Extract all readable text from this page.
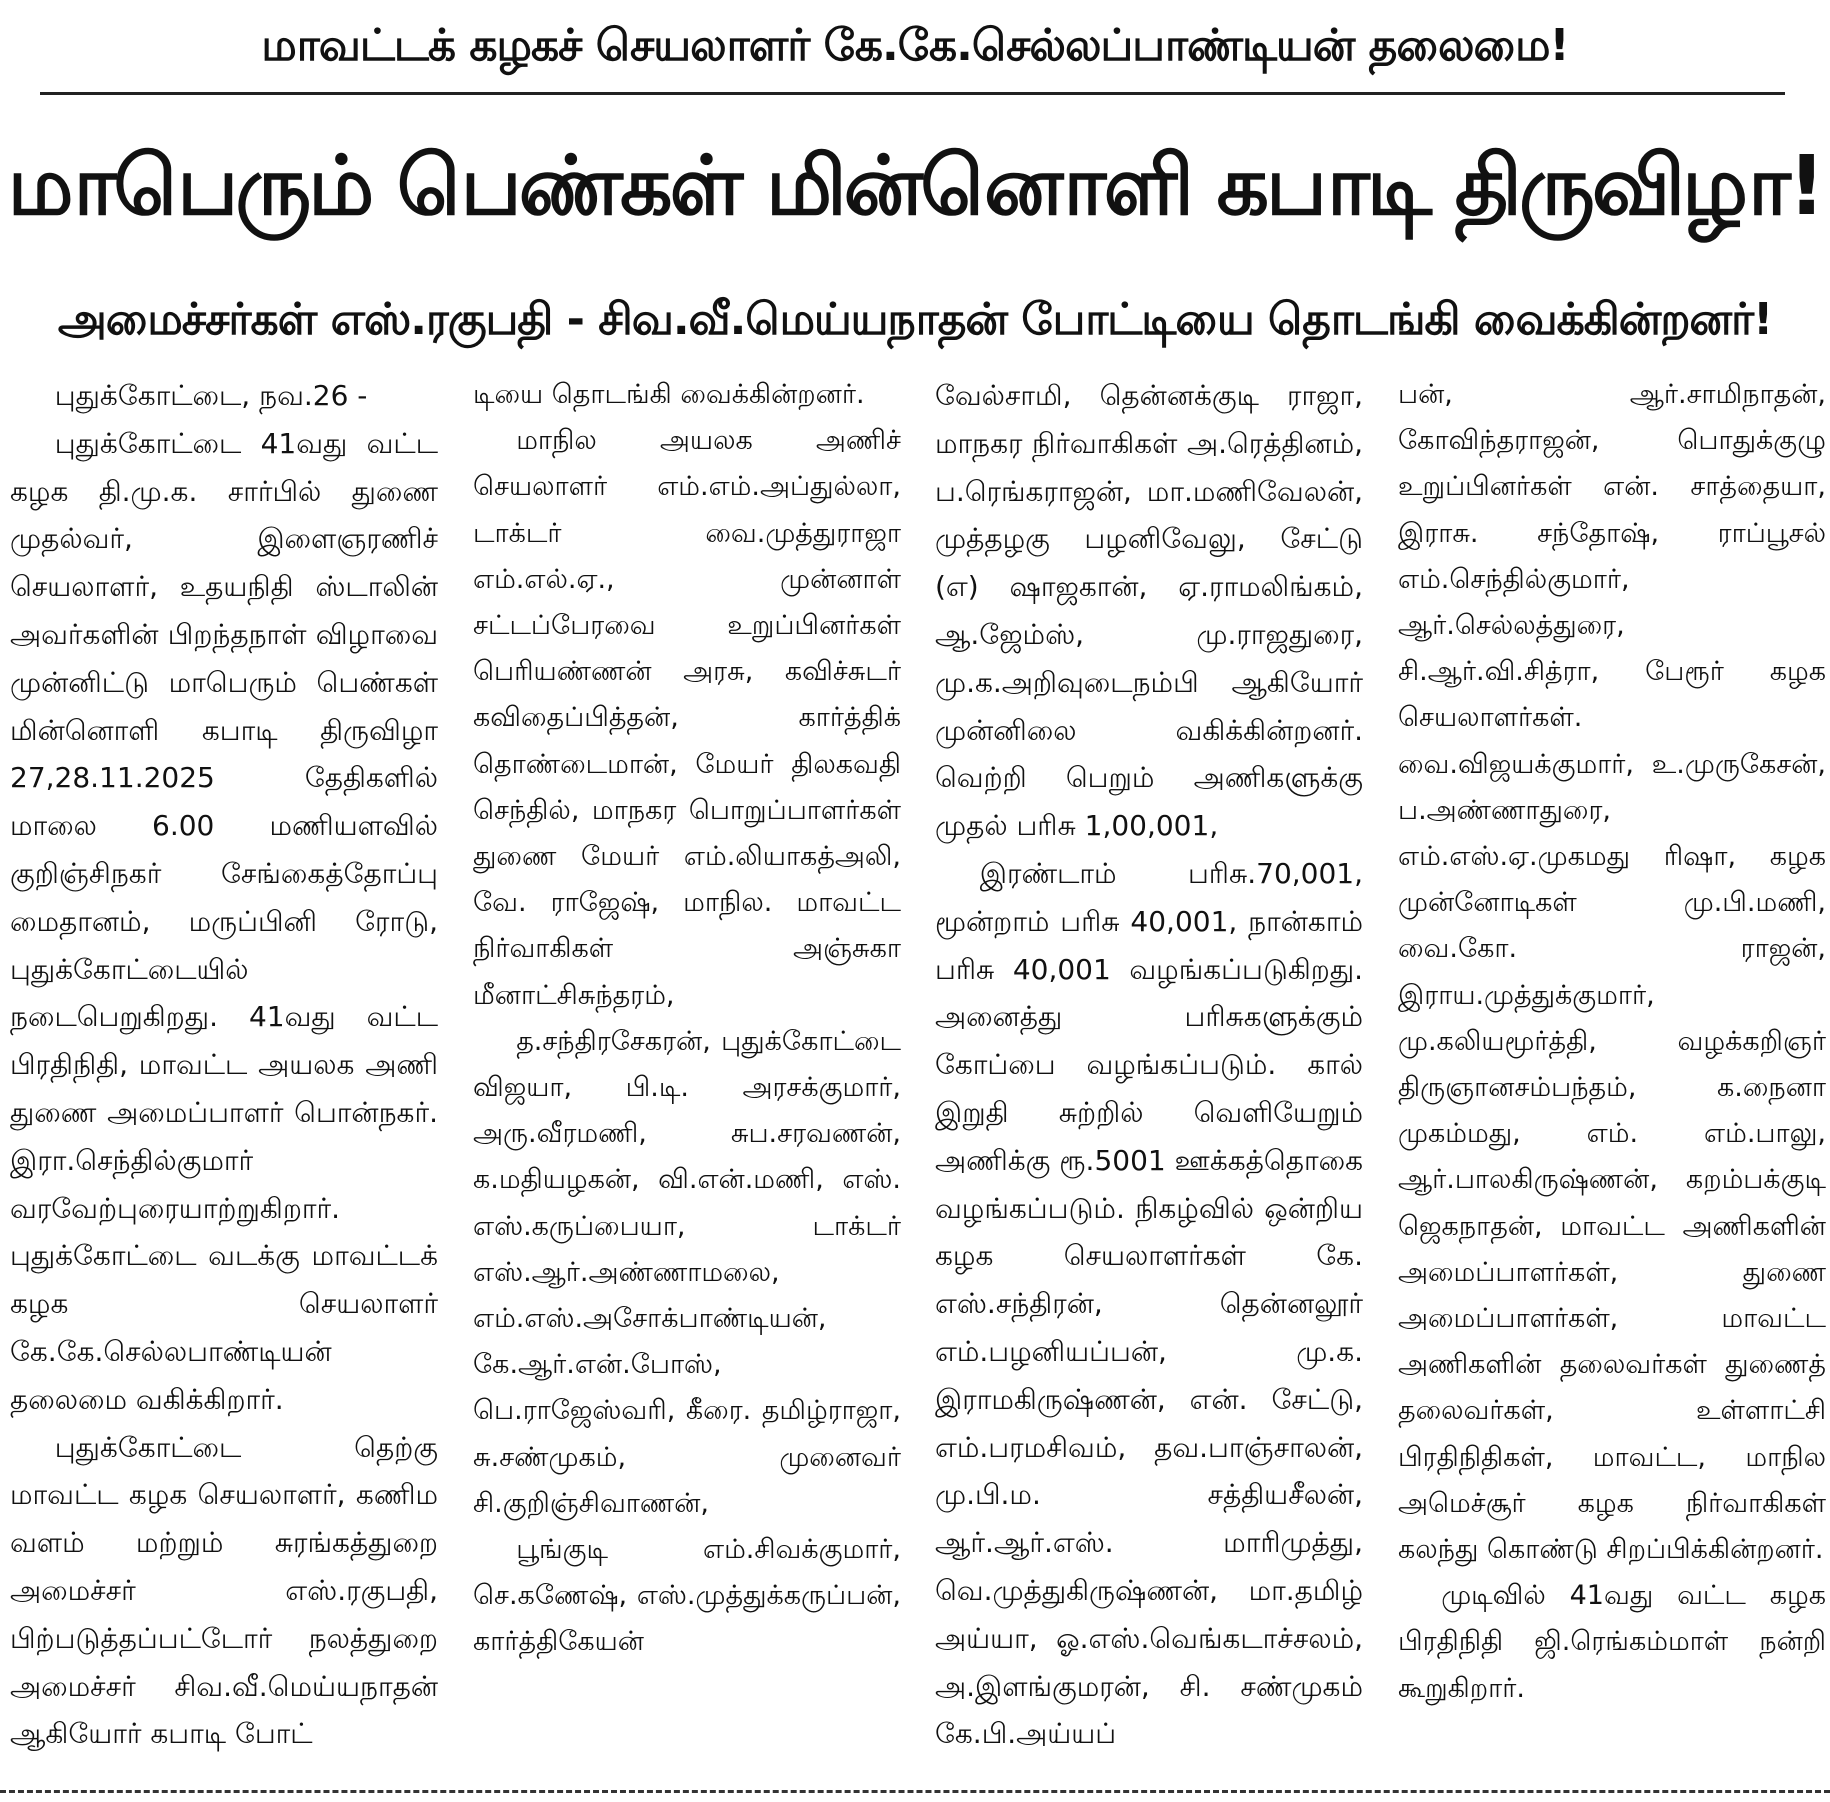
மாவட்டக் கழகச் செயலாளர் கே.கே.செல்லப்பாண்டியன் தலைமை!
மாபெரும் பெண்கள் மின்னொளி கபாடி திருவிழா!
அமைச்சர்கள் எஸ்.ரகுபதி - சிவ.வீ.மெய்யநாதன் போட்டியை தொடங்கி வைக்கின்றனர்!

புதுக்கோட்டை, நவ.26 -

புதுக்கோட்டை 41வது வட்ட கழக தி.மு.க. சார்பில் துணை முதல்வர், இளைஞரணிச் செயலாளர், உதயநிதி ஸ்டாலின் அவர்களின் பிறந்தநாள் விழாவை முன்னிட்டு மாபெரும் பெண்கள் மின்னொளி கபாடி திருவிழா 27,28.11.2025 தேதிகளில் மாலை 6.00 மணியளவில் குறிஞ்சிநகர் சேங்கைத்தோப்பு மைதானம், மருப்பினி ரோடு, புதுக்கோட்டையில் நடைபெறுகிறது. 41வது வட்ட பிரதிநிதி, மாவட்ட அயலக அணி துணை அமைப்பாளர் பொன்நகர். இரா.செந்தில்குமார் வரவேற்புரையாற்றுகிறார். புதுக்கோட்டை வடக்கு மாவட்டக் கழக செயலாளர் கே.கே.செல்லபாண்டியன் தலைமை வகிக்கிறார்.

புதுக்கோட்டை தெற்கு மாவட்ட கழக செயலாளர், கணிம வளம் மற்றும் சுரங்கத்துறை அமைச்சர் எஸ்.ரகுபதி, பிற்படுத்தப்பட்டோர் நலத்துறை அமைச்சர் சிவ.வீ.மெய்யநாதன் ஆகியோர் கபாடி போட்

டியை தொடங்கி வைக்கின்றனர்.

மாநில அயலக அணிச் செயலாளர் எம்.எம்.அப்துல்லா, டாக்டர் வை.முத்துராஜா எம்.எல்.ஏ., முன்னாள் சட்டப்பேரவை உறுப்பினர்கள் பெரியண்ணன் அரசு, கவிச்சுடர் கவிதைப்பித்தன், கார்த்திக் தொண்டைமான், மேயர் திலகவதி செந்தில், மாநகர பொறுப்பாளர்கள் துணை மேயர் எம்.லியாகத்அலி, வே. ராஜேஷ், மாநில. மாவட்ட நிர்வாகிகள் அஞ்சுகா மீனாட்சிசுந்தரம்,

த.சந்திரசேகரன், புதுக்கோட்டை விஜயா, பி.டி. அரசக்குமார், அரு.வீரமணி, சுப.சரவணன், க.மதியழகன், வி.என்.மணி, எஸ். எஸ்.கருப்பையா, டாக்டர் எஸ்.ஆர்.அண்ணாமலை, எம்.எஸ்.அசோக்பாண்டியன், கே.ஆர்.என்.போஸ், பெ.ராஜேஸ்வரி, கீரை. தமிழ்ராஜா, சு.சண்முகம், முனைவர் சி.குறிஞ்சிவாணன்,

பூங்குடி எம்.சிவக்குமார், செ.கணேஷ், எஸ்.முத்துக்கருப்பன், கார்த்திகேயன்

வேல்சாமி, தென்னக்குடி ராஜா, மாநகர நிர்வாகிகள் அ.ரெத்தினம், ப.ரெங்கராஜன், மா.மணிவேலன், முத்தழகு பழனிவேலு, சேட்டு (எ) ஷாஜகான், ஏ.ராமலிங்கம், ஆ.ஜேம்ஸ், மு.ராஜதுரை, மு.க.அறிவுடைநம்பி ஆகியோர் முன்னிலை வகிக்கின்றனர். வெற்றி பெறும் அணிகளுக்கு முதல் பரிசு 1,00,001,

இரண்டாம் பரிசு.70,001, மூன்றாம் பரிசு 40,001, நான்காம் பரிசு 40,001 வழங்கப்படுகிறது. அனைத்து பரிசுகளுக்கும் கோப்பை வழங்கப்படும். கால் இறுதி சுற்றில் வெளியேறும் அணிக்கு ரூ.5001 ஊக்கத்தொகை வழங்கப்படும். நிகழ்வில் ஒன்றிய கழக செயலாளர்கள் கே. எஸ்.சந்திரன், தென்னலூர் எம்.பழனியப்பன், மு.க. இராமகிருஷ்ணன், என். சேட்டு, எம்.பரமசிவம், தவ.பாஞ்சாலன், மு.பி.ம. சத்தியசீலன், ஆர்.ஆர்.எஸ். மாரிமுத்து, வெ.முத்துகிருஷ்ணன், மா.தமிழ் அய்யா, ஓ.எஸ்.வெங்கடாச்சலம், அ.இளங்குமரன், சி. சண்முகம் கே.பி.அய்யப்

பன், ஆர்.சாமிநாதன், கோவிந்தராஜன், பொதுக்குழு உறுப்பினர்கள் என். சாத்தையா, இராசு. சந்தோஷ், ராப்பூசல் எம்.செந்தில்குமார், ஆர்.செல்லத்துரை, சி.ஆர்.வி.சித்ரா, பேரூர் கழக செயலாளர்கள். வை.விஜயக்குமார், உ.முருகேசன், ப.அண்ணாதுரை, எம்.எஸ்.ஏ.முகமது ரிஷா, கழக முன்னோடிகள் மு.பி.மணி, வை.கோ. ராஜன், இராய.முத்துக்குமார், மு.கலியமூர்த்தி, வழக்கறிஞர் திருஞானசம்பந்தம், க.நைனா முகம்மது, எம். எம்.பாலு, ஆர்.பாலகிருஷ்ணன், கறம்பக்குடி ஜெகநாதன், மாவட்ட அணிகளின் அமைப்பாளர்கள், துணை அமைப்பாளர்கள், மாவட்ட அணிகளின் தலைவர்கள் துணைத் தலைவர்கள், உள்ளாட்சி பிரதிநிதிகள், மாவட்ட, மாநில அமெச்சூர் கழக நிர்வாகிகள் கலந்து கொண்டு சிறப்பிக்கின்றனர்.

முடிவில் 41வது வட்ட கழக பிரதிநிதி ஜி.ரெங்கம்மாள் நன்றி கூறுகிறார்.
